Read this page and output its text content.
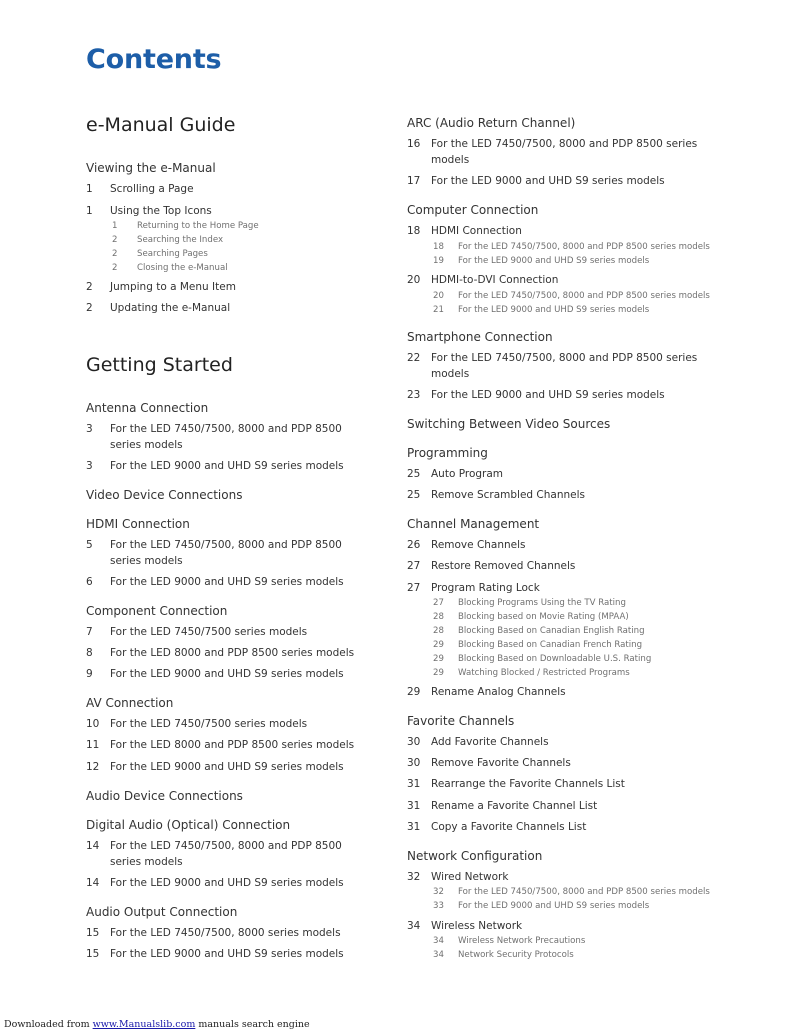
Contents
e-Manual Guide
Viewing the e-Manual
1	Scrolling a Page
1	Using the Top Icons
1	Returning to the Home Page
2	Searching the Index
2	Searching Pages
2	Closing the e-Manual
2	Jumping to a Menu Item
2	Updating the e-Manual
Getting Started
Antenna Connection
3	For the LED 7450/7500, 8000 and PDP 8500 series models
3	For the LED 9000 and UHD S9 series models
Video Device Connections
HDMI Connection
5	For the LED 7450/7500, 8000 and PDP 8500 series models
6	For the LED 9000 and UHD S9 series models
Component Connection
7	For the LED 7450/7500 series models
8	For the LED 8000 and PDP 8500 series models
9	For the LED 9000 and UHD S9 series models
AV Connection
10	For the LED 7450/7500 series models
11	For the LED 8000 and PDP 8500 series models
12	For the LED 9000 and UHD S9 series models
Audio Device Connections
Digital Audio (Optical) Connection
14	For the LED 7450/7500, 8000 and PDP 8500 series models
14	For the LED 9000 and UHD S9 series models
Audio Output Connection
15	For the LED 7450/7500, 8000 series models
15	For the LED 9000 and UHD S9 series models
ARC (Audio Return Channel)
16	For the LED 7450/7500, 8000 and PDP 8500 series models
17	For the LED 9000 and UHD S9 series models
Computer Connection
18	HDMI Connection
18	For the LED 7450/7500, 8000 and PDP 8500 series models
19	For the LED 9000 and UHD S9 series models
20	HDMI-to-DVI Connection
20	For the LED 7450/7500, 8000 and PDP 8500 series models
21	For the LED 9000 and UHD S9 series models
Smartphone Connection
22	For the LED 7450/7500, 8000 and PDP 8500 series models
23	For the LED 9000 and UHD S9 series models
Switching Between Video Sources
Programming
25	Auto Program
25	Remove Scrambled Channels
Channel Management
26	Remove Channels
27	Restore Removed Channels
27	Program Rating Lock
27	Blocking Programs Using the TV Rating
28	Blocking based on Movie Rating (MPAA)
28	Blocking Based on Canadian English Rating
29	Blocking Based on Canadian French Rating
29	Blocking Based on Downloadable U.S. Rating
29	Watching Blocked / Restricted Programs
29	Rename Analog Channels
Favorite Channels
30	Add Favorite Channels
30	Remove Favorite Channels
31	Rearrange the Favorite Channels List
31	Rename a Favorite Channel List
31	Copy a Favorite Channels List
Network Configuration
32	Wired Network
32	For the LED 7450/7500, 8000 and PDP 8500 series models
33	For the LED 9000 and UHD S9 series models
34	Wireless Network
34	Wireless Network Precautions
34	Network Security Protocols
Downloaded from www.Manualslib.com manuals search engine
